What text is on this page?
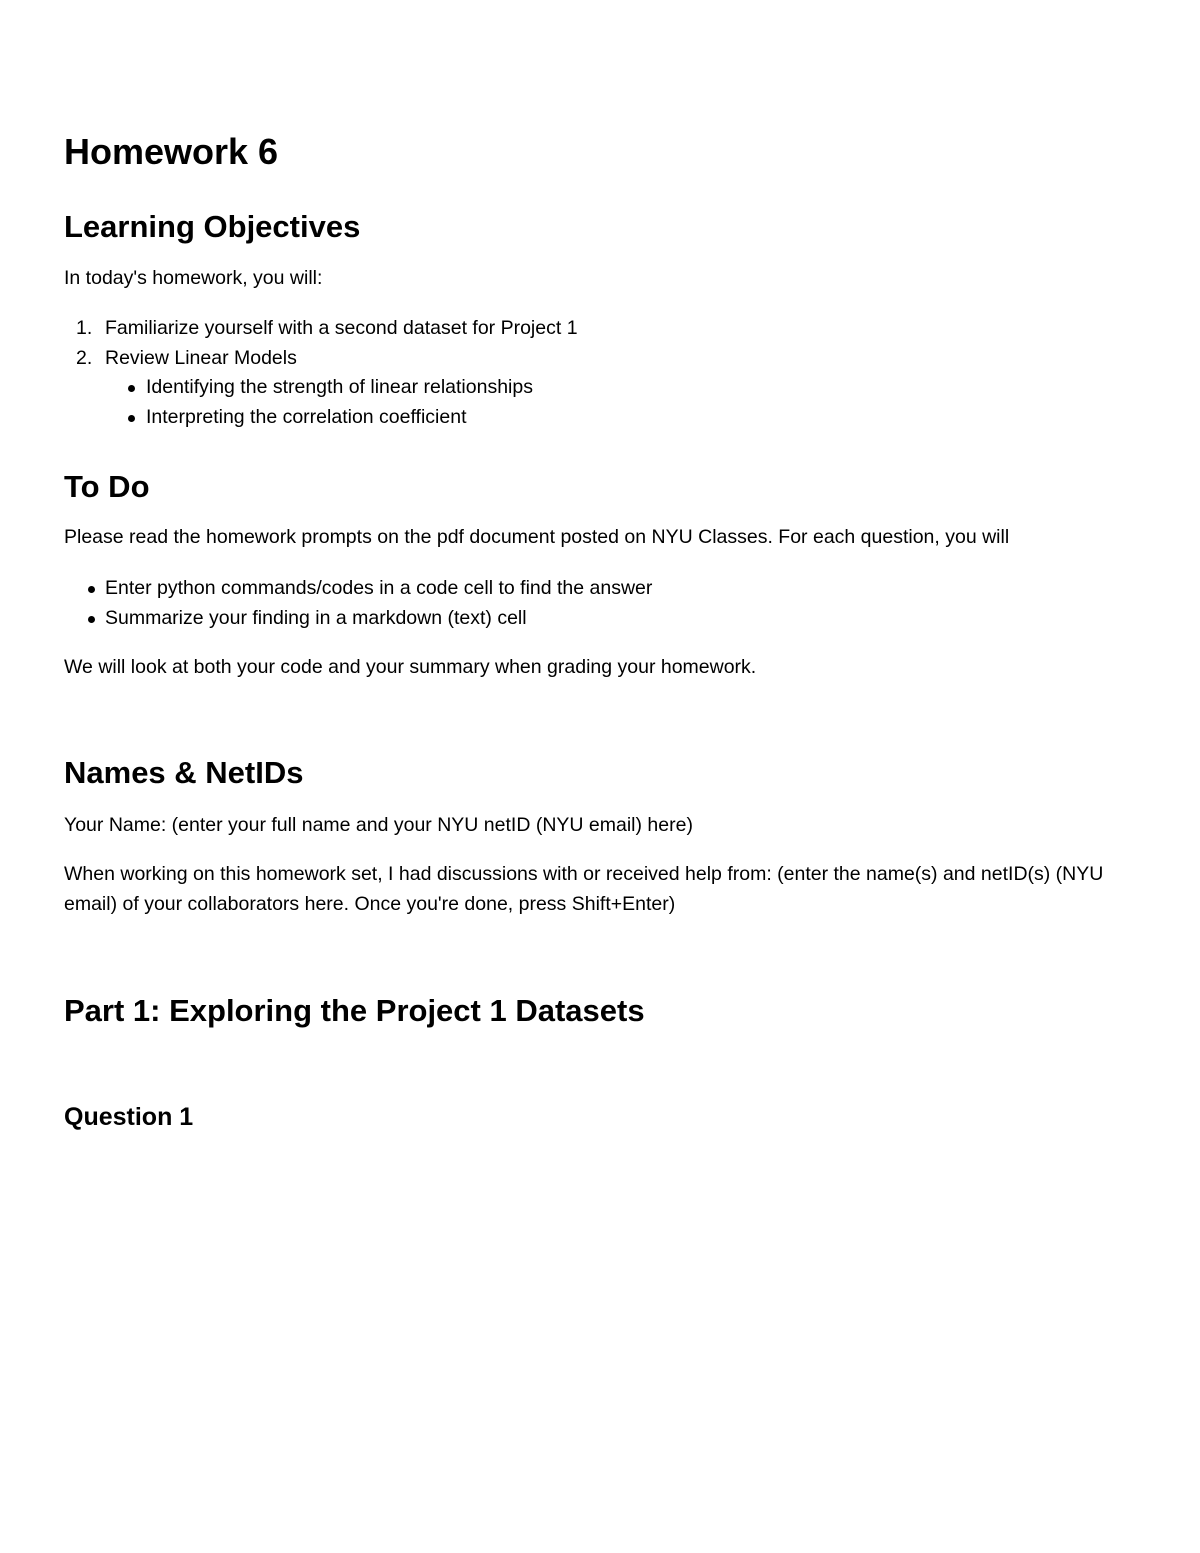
Homework 6
Learning Objectives

In today's homework, you will:

1. Familiarize yourself with a second dataset for Project 1
2. Review Linear Models
Identifying the strength of linear relationships
Interpreting the correlation coefficient
To Do

Please read the homework prompts on the pdf document posted on NYU Classes. For each question, you will

Enter python commands/codes in a code cell to find the answer
Summarize your finding in a markdown (text) cell

We will look at both your code and your summary when grading your homework.

Names & NetIDs

Your Name: (enter your full name and your NYU netID (NYU email) here)

When working on this homework set, I had discussions with or received help from: (enter the name(s) and netID(s) (NYU email) of your collaborators here. Once you're done, press Shift+Enter)

Part 1: Exploring the Project 1 Datasets
Question 1
